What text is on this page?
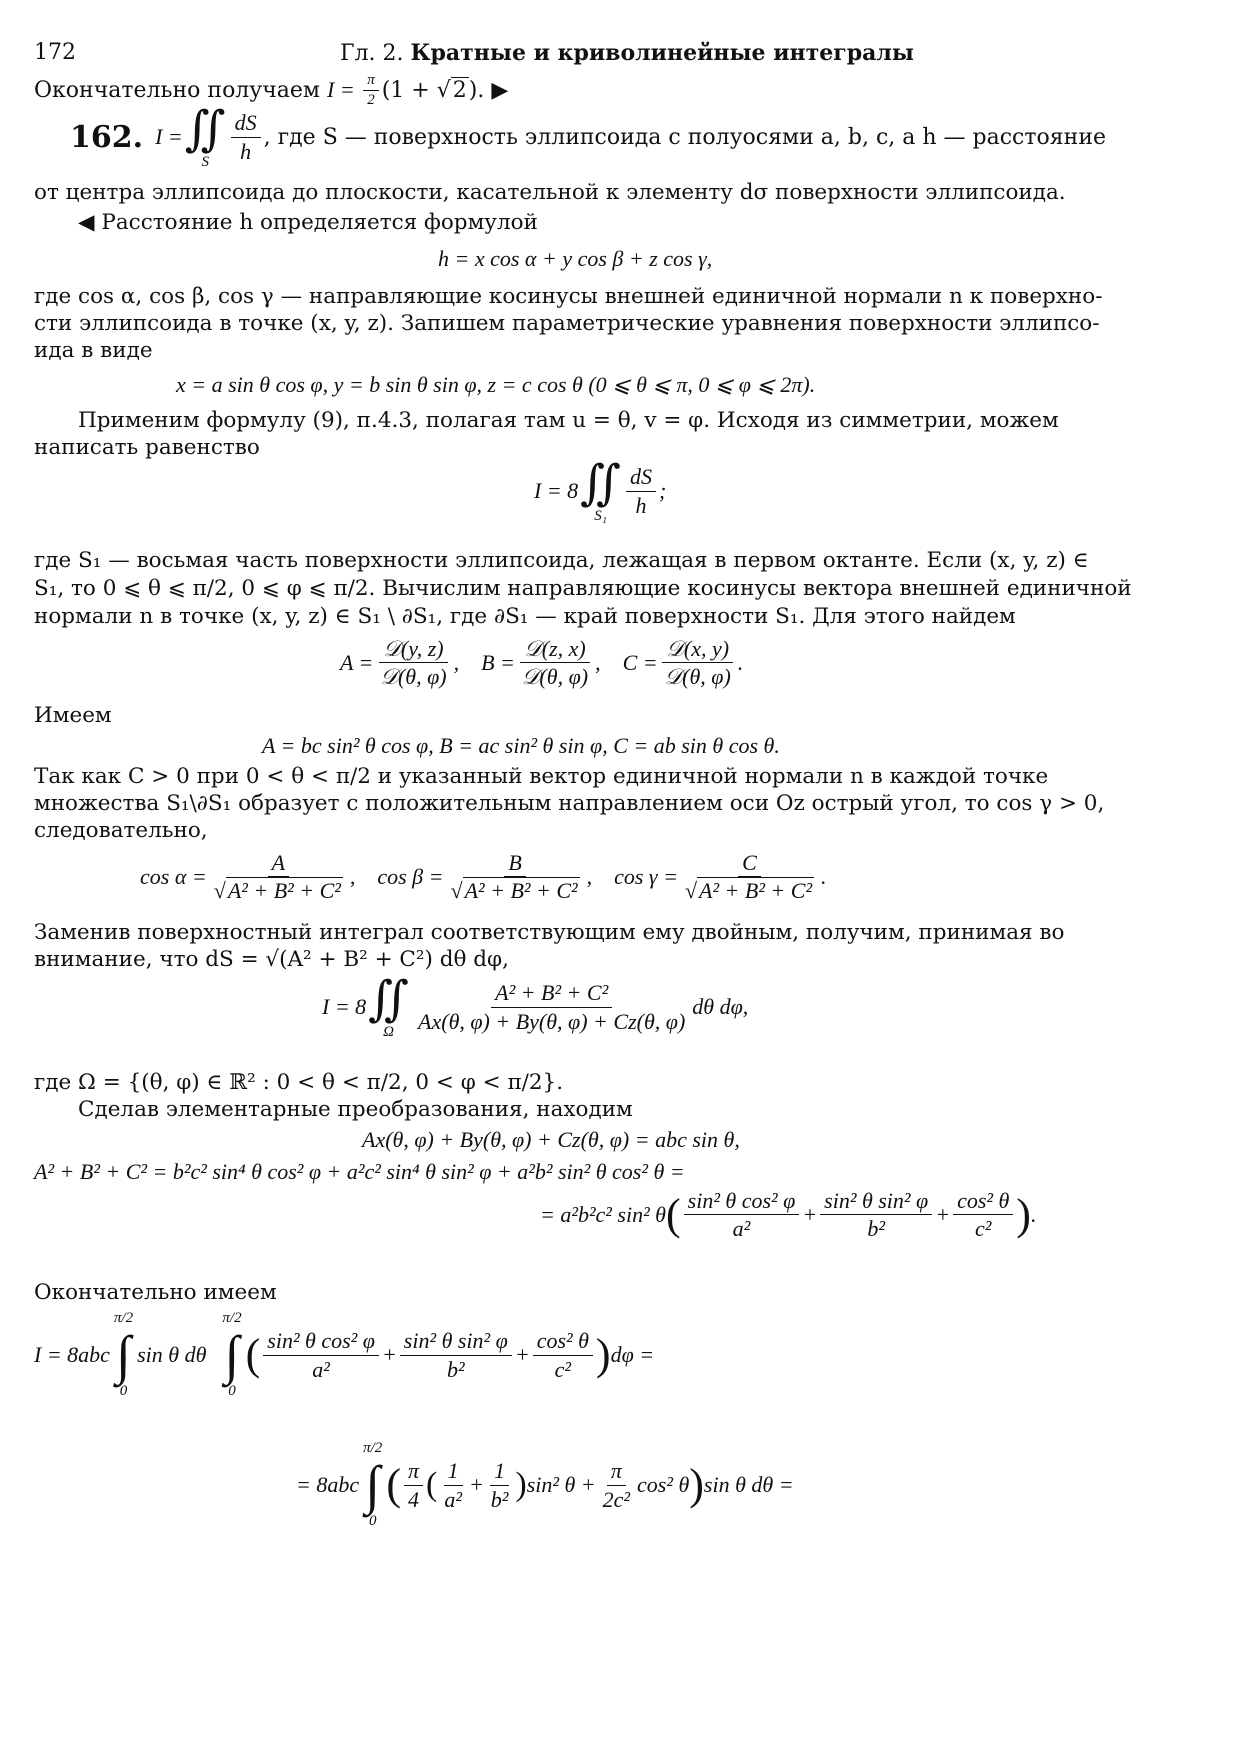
172	Гл. 2. Кратные и криволинейные интегралы
Окончательно получаем $I = \frac{\pi}{2} (1 + √2)$. ▶
162. I = ∬
S $\frac{dS}{h}$ , где S — поверхность эллипсоида с полуосями a, b, c, а h — расстояние
от центра эллипсоида до плоскости, касательной к элементу dσ поверхности эллипсоида.
◀ Расстояние h определяется формулой
h = x cos α + y cos β + z cos γ,
где cos α, cos β, cos γ — направляющие косинусы внешней единичной нормали n к поверхно-
сти эллипсоида в точке (x, y, z). Запишем параметрические уравнения поверхности эллипсо-
ида в виде
x = a sin θ cos φ, y = b sin θ sin φ, z = c cos θ (0 ⩽ θ ⩽ π, 0 ⩽ φ ⩽ 2π).
Применим формулу (9), п.4.3, полагая там u = θ, v = φ. Исходя из симметрии, можем
написать равенство
I = 8 ∬
$S_1 \frac{dS}{h}$ ;
где S₁ — восьмая часть поверхности эллипсоида, лежащая в первом октанте. Если (x, y, z) ∈
S₁, то 0 ⩽ θ ⩽ π/2, 0 ⩽ φ ⩽ π/2. Вычислим направляющие косинусы вектора внешней единичной
нормали n в точке (x, y, z) ∈ S₁ \ ∂S₁, где ∂S₁ — край поверхности S₁. Для этого найдем
$A = \frac{\text{𝒟(y, z)}}{\text{𝒟(θ, φ)}}$ ,    $B = \frac{\text{𝒟(z, x)}}{\text{𝒟(θ, φ)}}$ ,    $C = \frac{\text{𝒟(x, y)}}{\text{𝒟(θ, φ)}}$ .
Имеем
A = bc sin² θ cos φ, B = ac sin² θ sin φ, C = ab sin θ cos θ.
Так как C > 0 при 0 < θ < π/2 и указанный вектор единичной нормали n в каждой точке
множества S₁\∂S₁ образует с положительным направлением оси Oz острый угол, то cos γ > 0,
следовательно,
$\cos \alpha = \frac{A}{\text{√A² + B² + C²}}$ ,    $\cos \beta = \frac{B}{\text{√A² + B² + C²}}$ ,    $\cos \gamma = \frac{C}{\text{√A² + B² + C²}}$ .
Заменив поверхностный интеграл соответствующим ему двойным, получим, принимая во
внимание, что dS = √(A² + B² + C²) dθ dφ,
I = 8 ∬
Ω $\frac{\text{A² + B² + C²}}{Ax(\theta, \varphi) + By(\theta, \varphi) + Cz(\theta, \varphi)}$ dθ dφ,
где Ω = {(θ, φ) ∈ ℝ² : 0 < θ < π/2, 0 < φ < π/2}.
Сделав элементарные преобразования, находим
Ax(θ, φ) + By(θ, φ) + Cz(θ, φ) = abc sin θ,
A² + B² + C² = b²c² sin⁴ θ cos² φ + a²c² sin⁴ θ sin² φ + a²b² sin² θ cos² θ =
= a²b²c² sin² θ ( $\frac{\text{sin² θ cos² φ}}{\text{a²}} + \frac{\text{sin² θ sin² φ}}{\text{b²}} + \frac{\text{cos² θ}}{\text{c²}}$ ) .
Окончательно имеем
I = 8abc
π/2
∫
0
sin θ dθ
π/2
∫
0
( $\frac{\text{sin² θ cos² φ}}{\text{a²}} + \frac{\text{sin² θ sin² φ}}{\text{b²}} + \frac{\text{cos² θ}}{\text{c²}}$ ) dφ =
= 8abc
π/2
∫
0
( $\frac{\pi}{4}$ ( $\frac{1}{\text{a²}} + \frac{1}{\text{b²}}$ ) sin² $\theta + \frac{\pi}{\text{2c²}} \cos^2$ θ ) sin θ dθ =
